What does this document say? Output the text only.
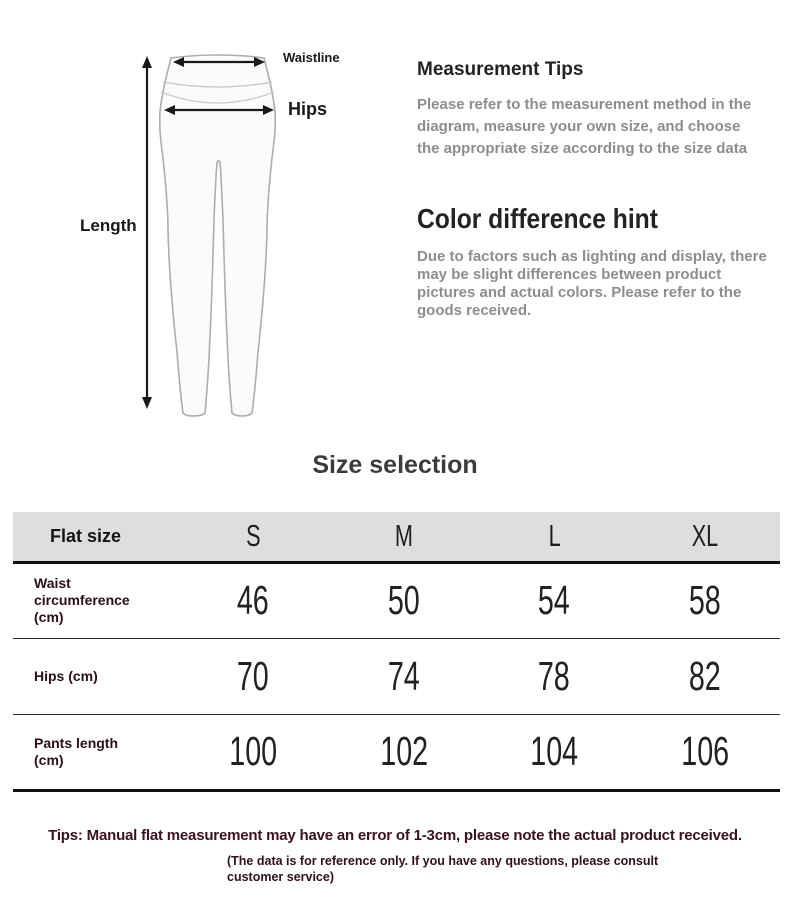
Waistline
Hips
Length
Measurement Tips

Please refer to the measurement method in the diagram, measure your own size, and choose the appropriate size according to the size data

Color difference hint

Due to factors such as lighting and display, there may be slight differences between product pictures and actual colors. Please refer to the goods received.

Size selection
Flat size	S	M	L	XL
Waist circumference (cm)	46	50	54	58
Hips (cm)	70	74	78	82
Pants length (cm)	100	102	104	106
Tips: Manual flat measurement may have an error of 1-3cm, please note the actual product received.
(The data is for reference only. If you have any questions, please consult
customer service)
